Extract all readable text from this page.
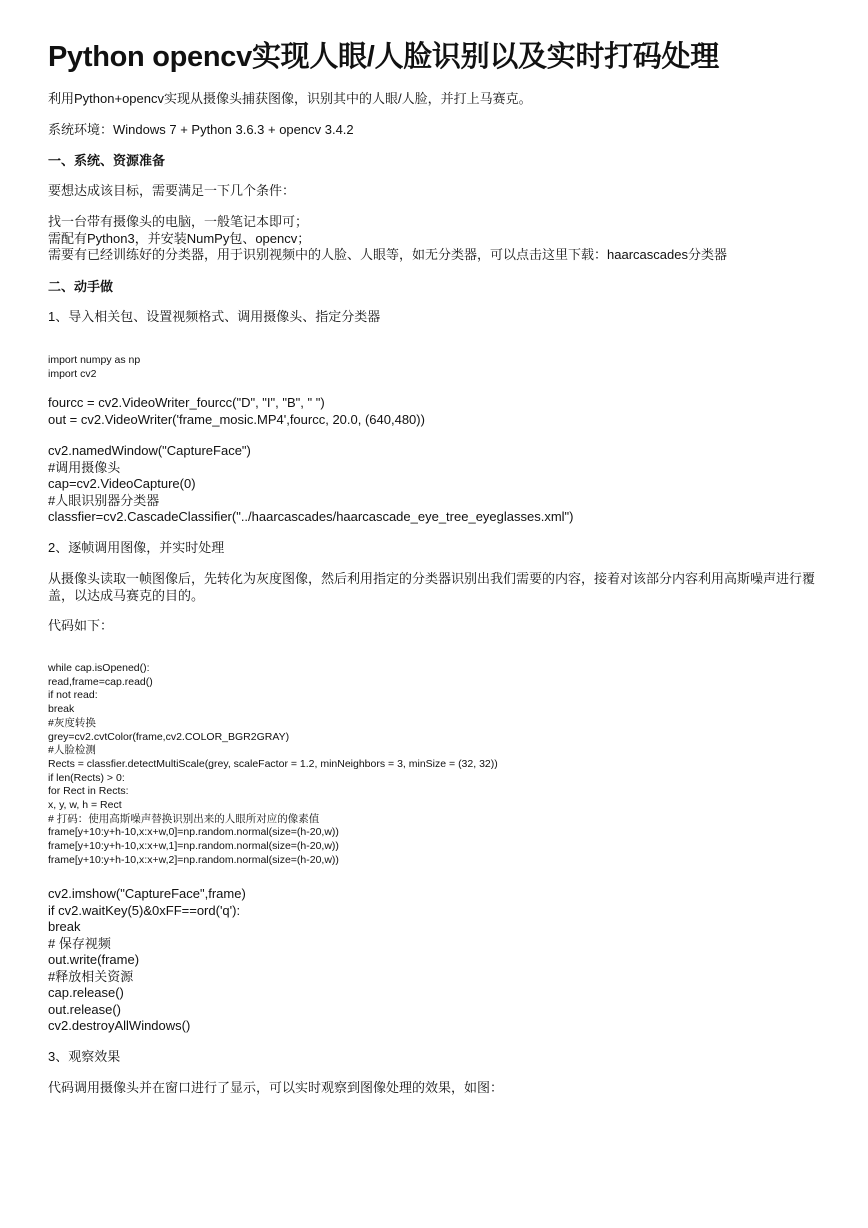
Python opencv实现人眼/人脸识别以及实时打码处理
利用Python+opencv实现从摄像头捕获图像，识别其中的人眼/人脸，并打上马赛克。
系统环境：Windows 7 + Python 3.6.3 + opencv 3.4.2
一、系统、资源准备
要想达成该目标，需要满足一下几个条件：
找一台带有摄像头的电脑，一般笔记本即可；
需配有Python3，并安装NumPy包、opencv；
需要有已经训练好的分类器，用于识别视频中的人脸、人眼等，如无分类器，可以点击这里下载：haarcascades分类器
二、动手做
1、导入相关包、设置视频格式、调用摄像头、指定分类器
import numpy as np
import cv2
fourcc = cv2.VideoWriter_fourcc("D", "I", "B", " ")
out = cv2.VideoWriter('frame_mosic.MP4',fourcc, 20.0, (640,480))
cv2.namedWindow("CaptureFace")
#调用摄像头
cap=cv2.VideoCapture(0)
#人眼识别器分类器
classfier=cv2.CascadeClassifier("../haarcascades/haarcascade_eye_tree_eyeglasses.xml")
2、逐帧调用图像，并实时处理
从摄像头读取一帧图像后，先转化为灰度图像，然后利用指定的分类器识别出我们需要的内容，接着对该部分内容利用高斯噪声进行覆盖，以达成马赛克的目的。
代码如下：
while cap.isOpened():
read,frame=cap.read()
if not read:
break
#灰度转换
grey=cv2.cvtColor(frame,cv2.COLOR_BGR2GRAY)
#人脸检测
Rects = classfier.detectMultiScale(grey, scaleFactor = 1.2, minNeighbors = 3, minSize = (32, 32))
if len(Rects) > 0:
for Rect in Rects:
x, y, w, h = Rect
# 打码：使用高斯噪声替换识别出来的人眼所对应的像素值
frame[y+10:y+h-10,x:x+w,0]=np.random.normal(size=(h-20,w))
frame[y+10:y+h-10,x:x+w,1]=np.random.normal(size=(h-20,w))
frame[y+10:y+h-10,x:x+w,2]=np.random.normal(size=(h-20,w))
cv2.imshow("CaptureFace",frame)
if cv2.waitKey(5)&0xFF==ord('q'):
break
# 保存视频
out.write(frame)
#释放相关资源
cap.release()
out.release()
cv2.destroyAllWindows()
3、观察效果
代码调用摄像头并在窗口进行了显示，可以实时观察到图像处理的效果，如图：
